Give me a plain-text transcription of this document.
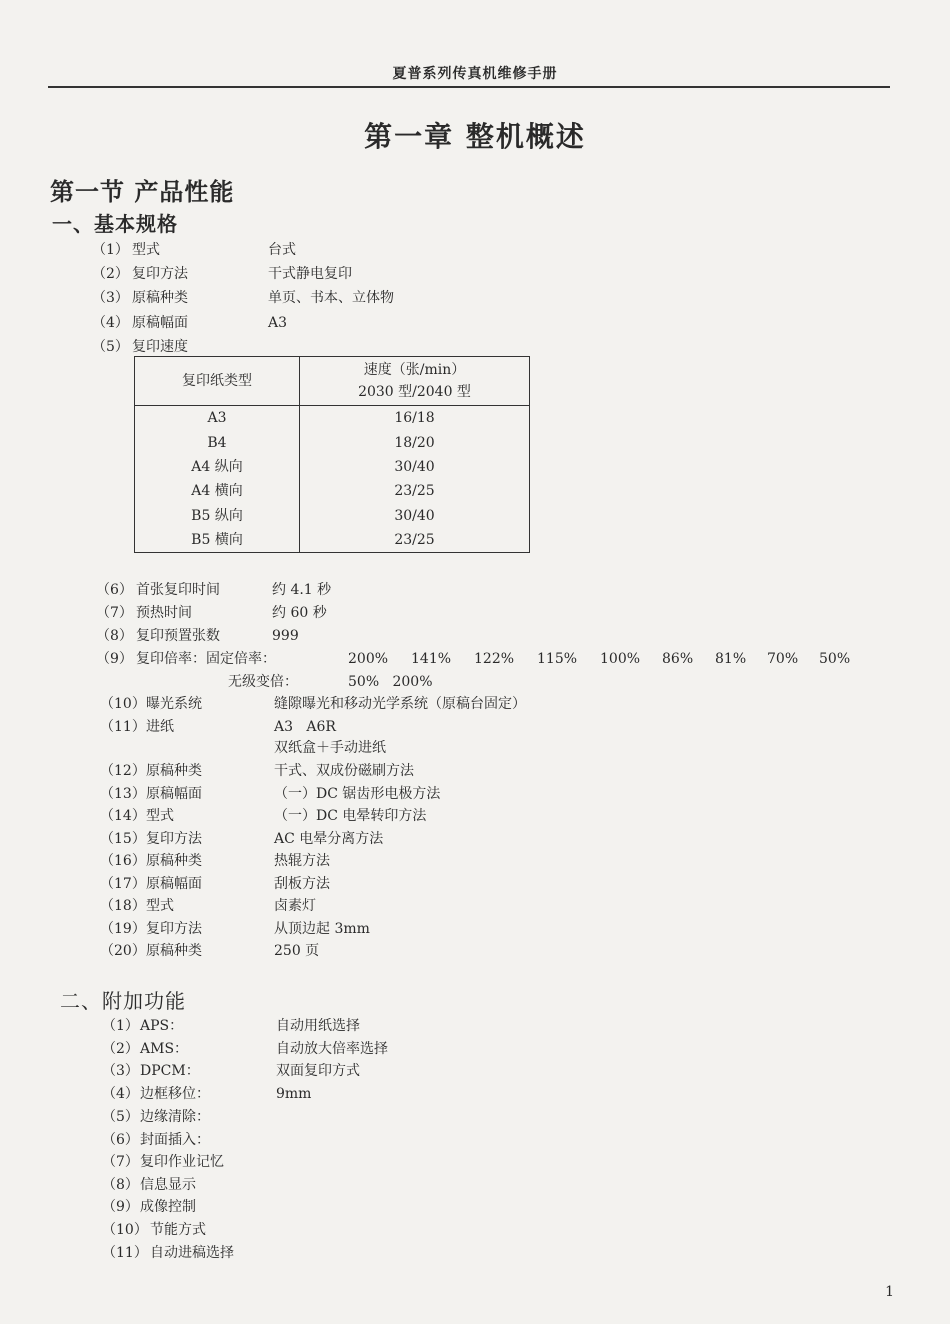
夏普系列传真机维修手册
第一章 整机概述
第一节 产品性能
一、基本规格
（1） 型式	台式
（2） 复印方法	干式静电复印
（3） 原稿种类	单页、书本、立体物
（4） 原稿幅面	A3
（5） 复印速度
复印纸类型	速度（张/min）
2030 型/2040 型

A3	16/18
B4	18/20
A4 纵向	30/40
A4 横向	23/25
B5 纵向	30/40
B5 横向	23/25
（6） 首张复印时间	约 4.1 秒
（7） 预热时间	约 60 秒
（8） 复印预置张数	999
（9） 复印倍率：固定倍率：	200% 141% 122% 115% 100% 86% 81% 70% 50%
无级变倍：	50%   200%
（10） 曝光系统	缝隙曝光和移动光学系统（原稿台固定）
（11） 进纸	A3   A6R
双纸盒＋手动进纸
（12） 原稿种类	干式、双成份磁刷方法
（13） 原稿幅面	（一）DC 锯齿形电极方法
（14） 型式	（一）DC 电晕转印方法
（15） 复印方法	AC 电晕分离方法
（16） 原稿种类	热辊方法
（17） 原稿幅面	刮板方法
（18） 型式	卤素灯
（19） 复印方法	从顶边起 3mm
（20） 原稿种类	250 页
二、附加功能
（1） APS：	自动用纸选择
（2） AMS：	自动放大倍率选择
（3） DPCM：	双面复印方式
（4） 边框移位：	9mm
（5） 边缘清除：
（6） 封面插入：
（7） 复印作业记忆
（8） 信息显示
（9） 成像控制
（10） 节能方式
（11） 自动进稿选择
1
